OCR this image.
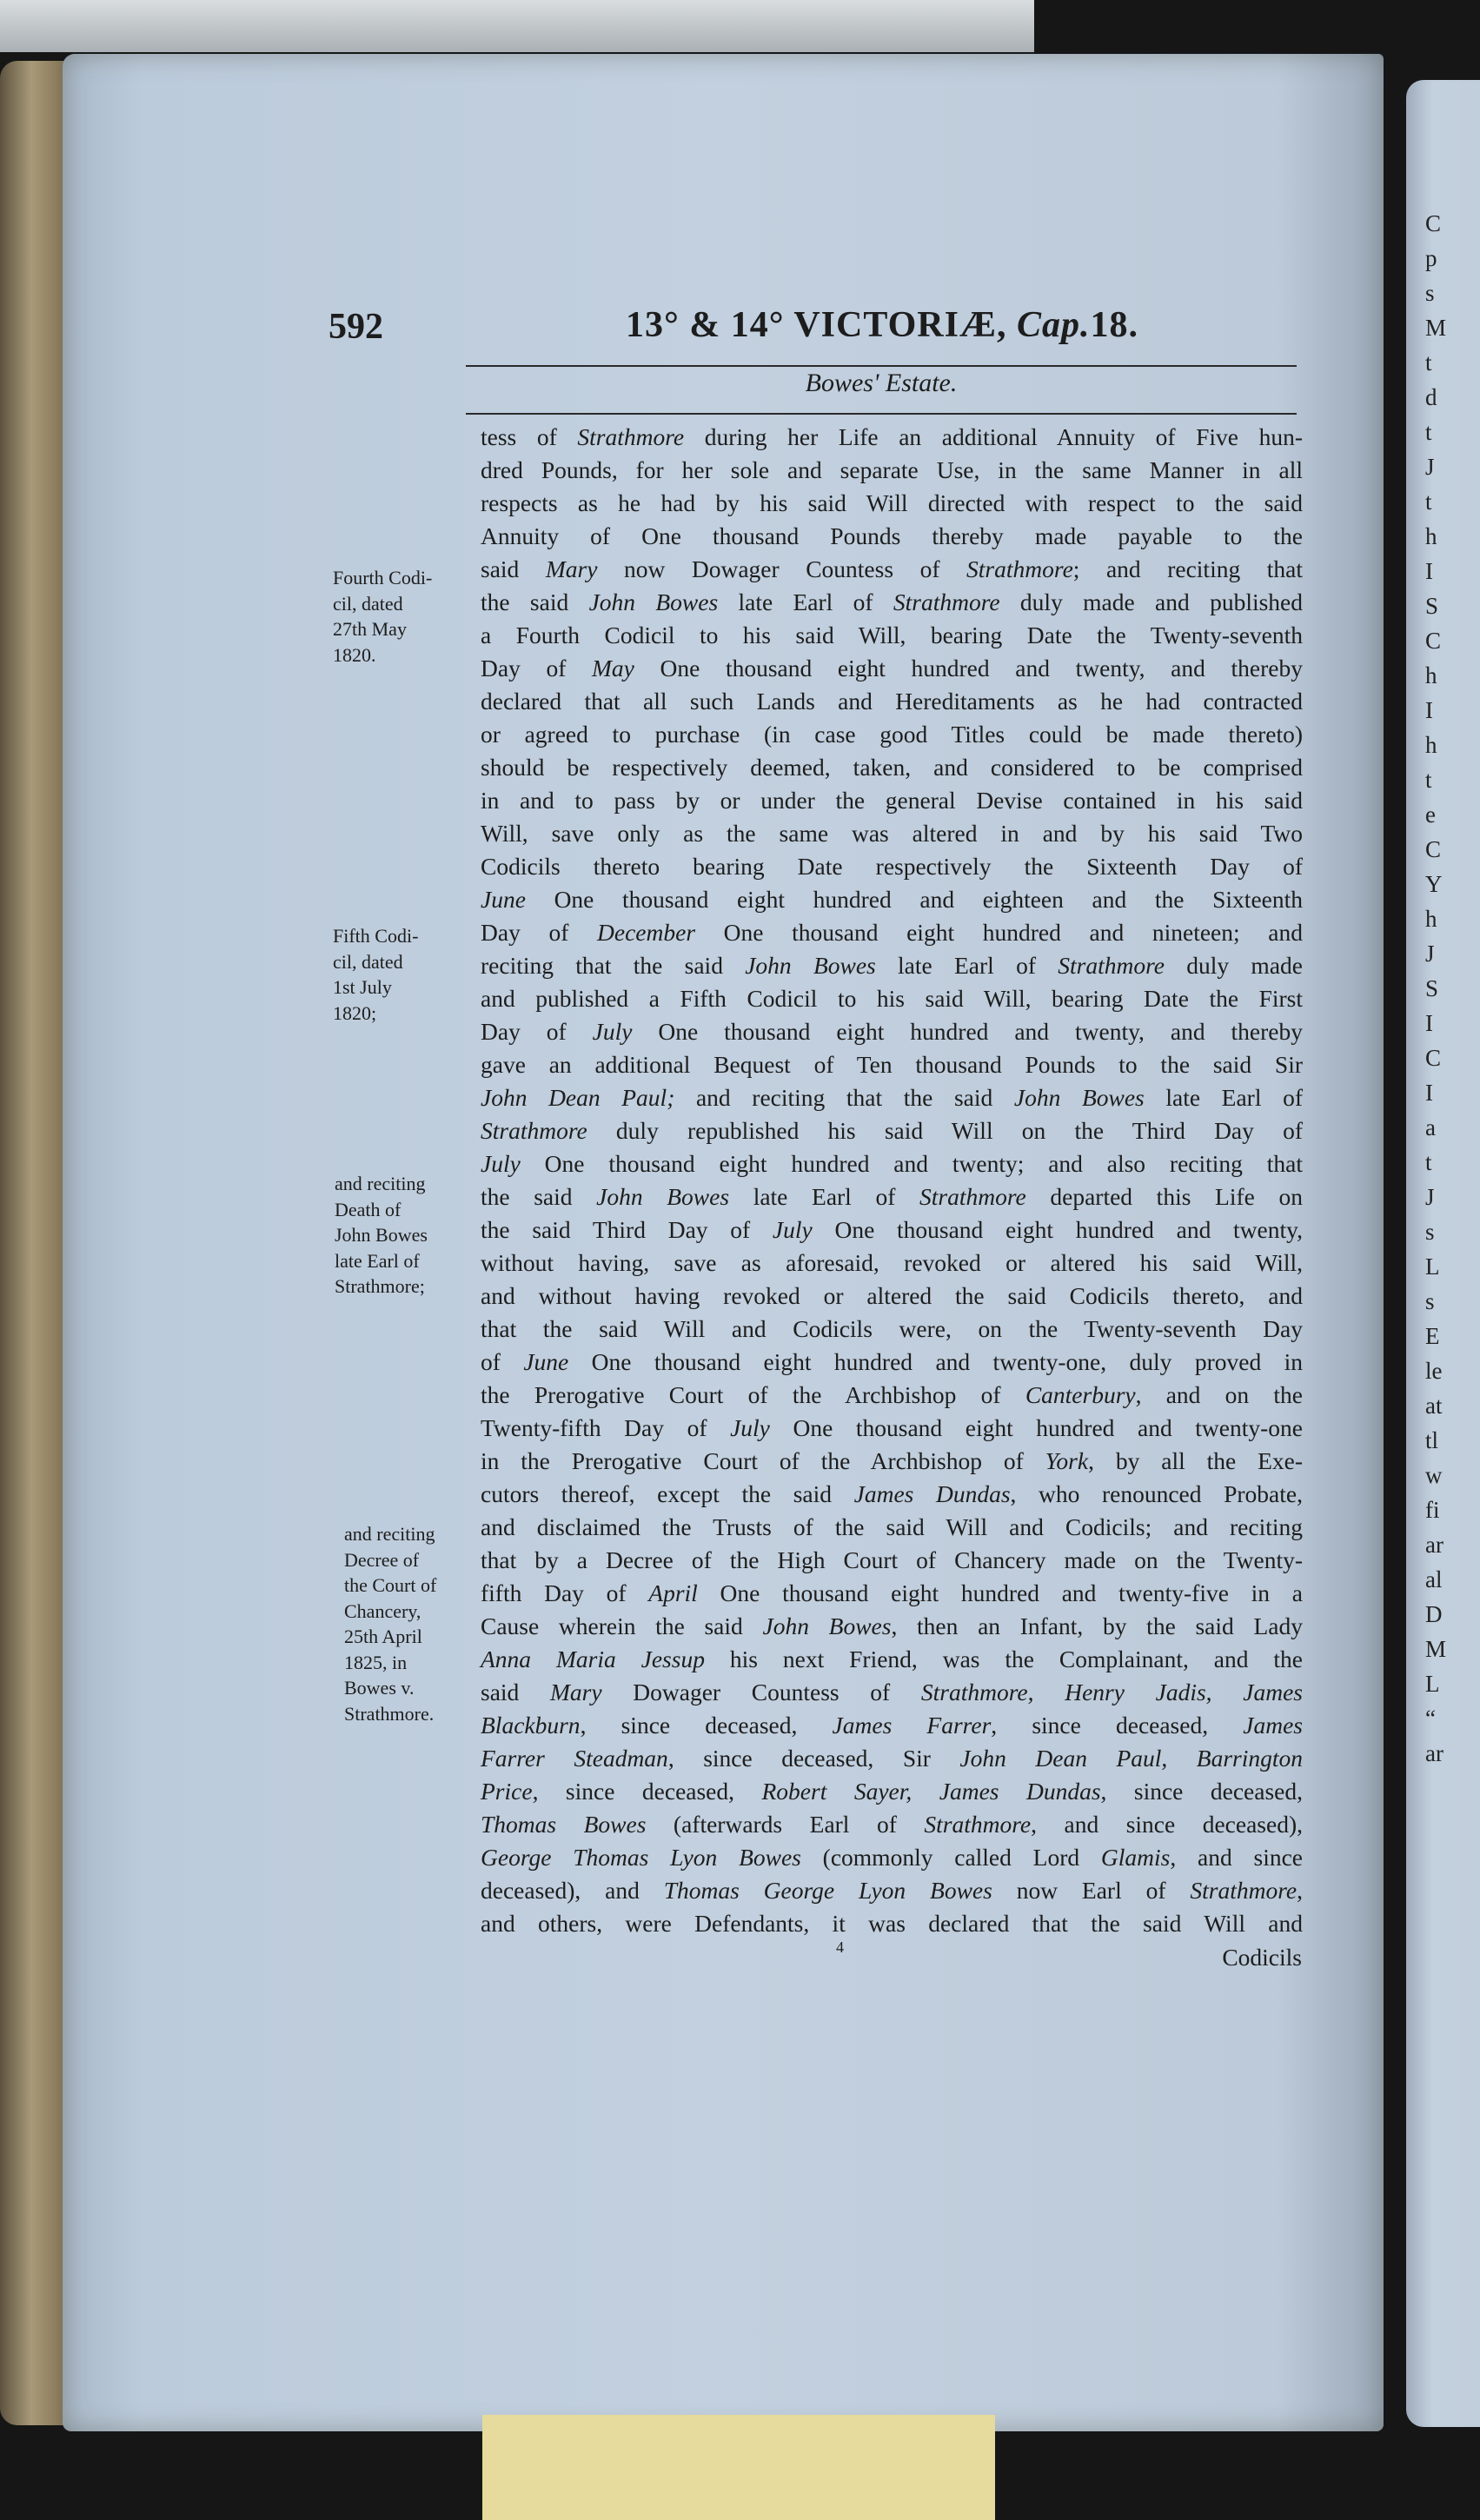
C
p
s
M
t
d
t
J
t
h
I
S
C
h
I
h
t
e
C
Y
h
J
S
I
C
I
a
t
J
s
L
s
E
le
at
tl
w
fi
ar
al
D
M
L
“
ar
592	13° & 14° VICTORIÆ, Cap.18.
Bowes' Estate.
tess of Strathmore during her Life an additional Annuity of Five hun-
dred Pounds, for her sole and separate Use, in the same Manner in all
respects as he had by his said Will directed with respect to the said
Annuity of One thousand Pounds thereby made payable to the
said Mary now Dowager Countess of Strathmore; and reciting that
the said John Bowes late Earl of Strathmore duly made and published
a Fourth Codicil to his said Will, bearing Date the Twenty-seventh
Day of May One thousand eight hundred and twenty, and thereby
declared that all such Lands and Hereditaments as he had contracted
or agreed to purchase (in case good Titles could be made thereto)
should be respectively deemed, taken, and considered to be comprised
in and to pass by or under the general Devise contained in his said
Will, save only as the same was altered in and by his said Two
Codicils thereto bearing Date respectively the Sixteenth Day of
June One thousand eight hundred and eighteen and the Sixteenth
Day of December One thousand eight hundred and nineteen; and
reciting that the said John Bowes late Earl of Strathmore duly made
and published a Fifth Codicil to his said Will, bearing Date the First
Day of July One thousand eight hundred and twenty, and thereby
gave an additional Bequest of Ten thousand Pounds to the said Sir
John Dean Paul; and reciting that the said John Bowes late Earl of
Strathmore duly republished his said Will on the Third Day of
July One thousand eight hundred and twenty; and also reciting that
the said John Bowes late Earl of Strathmore departed this Life on
the said Third Day of July One thousand eight hundred and twenty,
without having, save as aforesaid, revoked or altered his said Will,
and without having revoked or altered the said Codicils thereto, and
that the said Will and Codicils were, on the Twenty-seventh Day
of June One thousand eight hundred and twenty-one, duly proved in
the Prerogative Court of the Archbishop of Canterbury, and on the
Twenty-fifth Day of July One thousand eight hundred and twenty-one
in the Prerogative Court of the Archbishop of York, by all the Exe-
cutors thereof, except the said James Dundas, who renounced Probate,
and disclaimed the Trusts of the said Will and Codicils; and reciting
that by a Decree of the High Court of Chancery made on the Twenty-
fifth Day of April One thousand eight hundred and twenty-five in a
Cause wherein the said John Bowes, then an Infant, by the said Lady
Anna Maria Jessup his next Friend, was the Complainant, and the
said Mary Dowager Countess of Strathmore, Henry Jadis, James
Blackburn, since deceased, James Farrer, since deceased, James
Farrer Steadman, since deceased, Sir John Dean Paul, Barrington
Price, since deceased, Robert Sayer, James Dundas, since deceased,
Thomas Bowes (afterwards Earl of Strathmore, and since deceased),
George Thomas Lyon Bowes (commonly called Lord Glamis, and since
deceased), and Thomas George Lyon Bowes now Earl of Strathmore,
and others, were Defendants, it was declared that the said Will and
Fourth Codi-
cil, dated
27th May
1820.
Fifth Codi-
cil, dated
1st July
1820;
and reciting
Death of
John Bowes
late Earl of
Strathmore;
and reciting
Decree of
the Court of
Chancery,
25th April
1825, in
Bowes v.
Strathmore.
4	Codicils
